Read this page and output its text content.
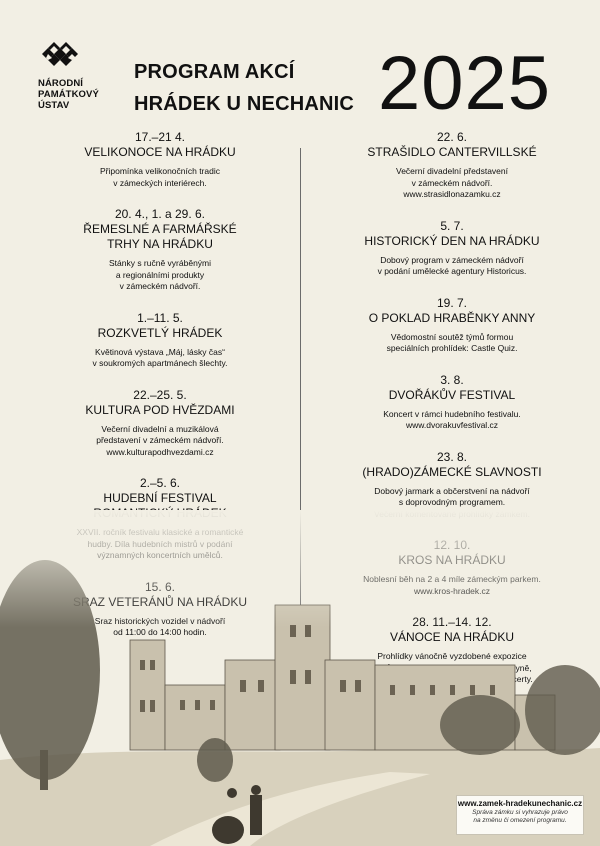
NÁRODNÍ
PAMÁTKOVÝ
ÚSTAV
PROGRAM AKCÍ
HRÁDEK U NECHANIC 2025
17.–21 4.
VELIKONOCE NA HRÁDKU
Připomínka velikonočních tradic
v zámeckých interiérech.
20. 4., 1. a 29. 6.
ŘEMESLNÉ A FARMÁŘSKÉ
TRHY NA HRÁDKU
Stánky s ručně vyráběnými
a regionálními produkty
v zámeckém nádvoří.
1.–11. 5.
ROZKVETLÝ HRÁDEK
Květinová výstava „Máj, lásky čas“
v soukromých apartmánech šlechty.
22.–25. 5.
KULTURA POD HVĚZDAMI
Večerní divadelní a muzikálová
představení v zámeckém nádvoří.
www.kulturapodhvezdami.cz
2.–5. 6.
HUDEBNÍ FESTIVAL

22. 6.
STRAŠIDLO CANTERVILLSKÉ
Večerní divadelní představení
v zámeckém nádvoří.
www.strasidlonazamku.cz
5. 7.
HISTORICKÝ DEN NA HRÁDKU
Dobový program v zámeckém nádvoří
v podání umělecké agentury Historicus.
19. 7.
O POKLAD HRABĚNKY ANNY
Vědomostní soutěž týmů formou
speciálních prohlídek: Castle Quiz.
3. 8.
DVOŘÁKŮV FESTIVAL
Koncert v rámci hudebního festivalu.
www.dvorakuvfestival.cz
23. 8.
(HRADO)ZÁMECKÉ SLAVNOSTI
Dobový jarmark a občerstvení na nádvoří
s doprovodným programem.

www.zamek-hradekunechanic.cz
Správa zámku si vyhrazuje právo
na změnu či omezení programu.
